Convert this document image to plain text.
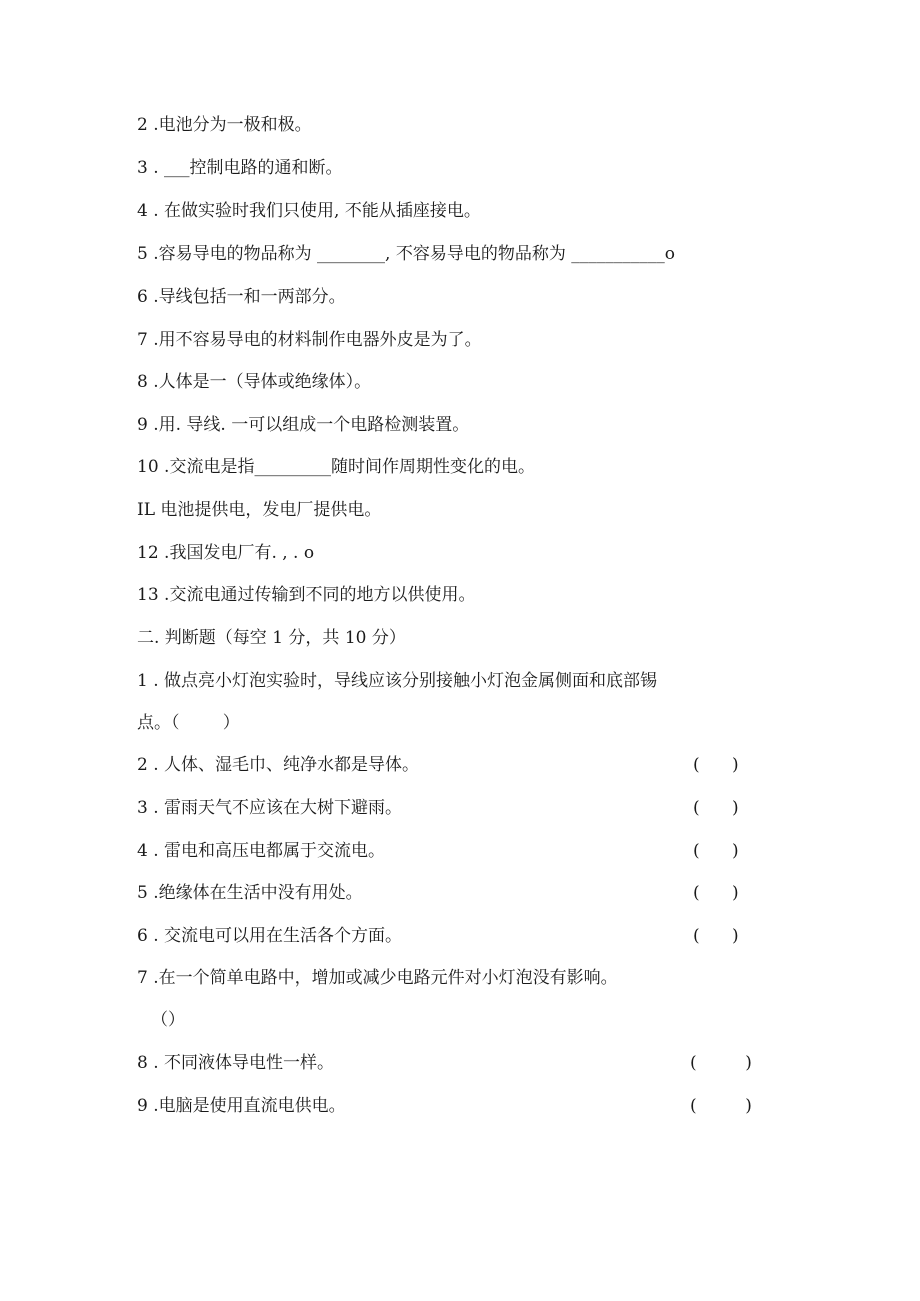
2 .电池分为一极和极。
3 . ___控制电路的通和断。
4 . 在做实验时我们只使用, 不能从插座接电。
5 .容易导电的物品称为 ________, 不容易导电的物品称为 ___________o
6 .导线包括一和一两部分。
7 .用不容易导电的材料制作电器外皮是为了。
8 .人体是一（导体或绝缘体）。
9 .用. 导线. 一可以组成一个电路检测装置。
10 .交流电是指_________随时间作周期性变化的电。
IL 电池提供电，发电厂提供电。
12 .我国发电厂有. , . o
13 .交流电通过传输到不同的地方以供使用。
二. 判断题（每空 1 分，共 10 分）
1 . 做点亮小灯泡实验时，导线应该分别接触小灯泡金属侧面和底部锡
点。（        ）
2 . 人体、湿毛巾、纯净水都是导体。	(      )
3 . 雷雨天气不应该在大树下避雨。	(      )
4 . 雷电和高压电都属于交流电。	(      )
5 .绝缘体在生活中没有用处。	(      )
6 . 交流电可以用在生活各个方面。	(      )
7 .在一个简单电路中，增加或减少电路元件对小灯泡没有影响。
（）
8 . 不同液体导电性一样。	(         )
9 .电脑是使用直流电供电。	(         )
